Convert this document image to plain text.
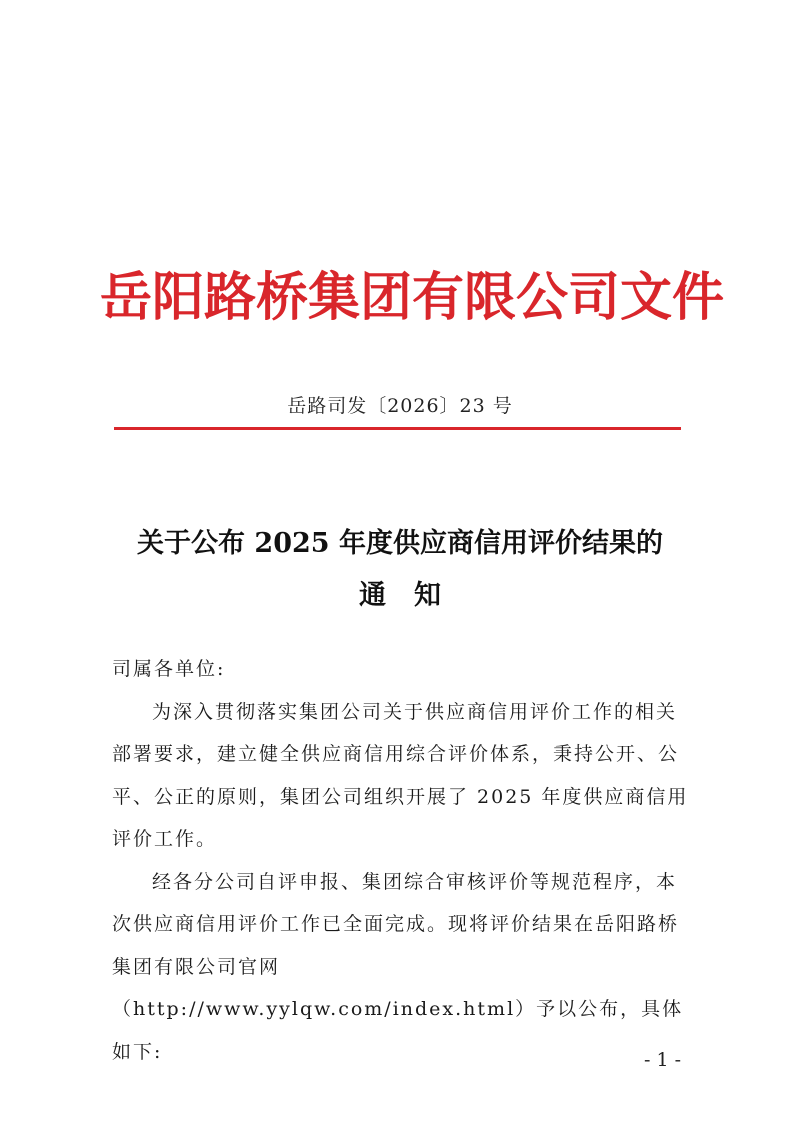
岳阳路桥集团有限公司文件
岳路司发〔2026〕23 号
关于公布 2025 年度供应商信用评价结果的
通知

司属各单位:

为深入贯彻落实集团公司关于供应商信用评价工作的相关部署要求，建立健全供应商信用综合评价体系，秉持公开、公平、公正的原则，集团公司组织开展了 2025 年度供应商信用评价工作。

经各分公司自评申报、集团综合审核评价等规范程序，本次供应商信用评价工作已全面完成。现将评价结果在岳阳路桥集团有限公司官网（http://www.yylqw.com/index.html）予以公布，具体如下:	- 1 -
